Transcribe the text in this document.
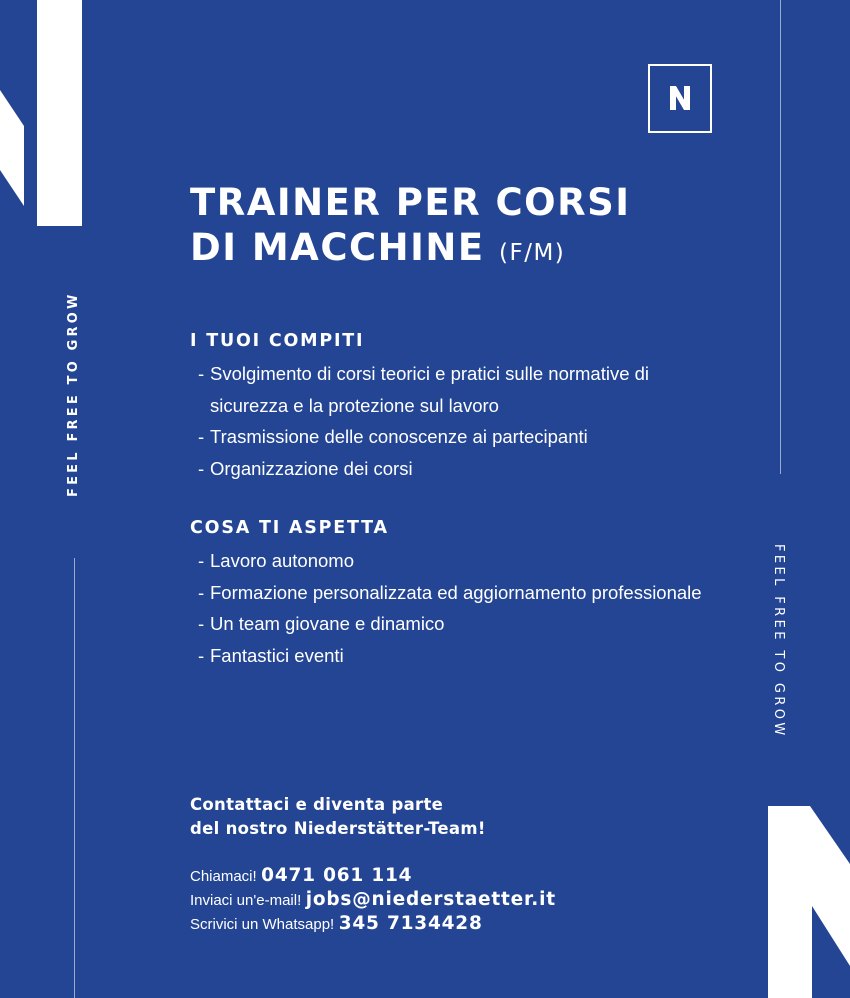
FEEL FREE TO GROW
FEEL FREE TO GROW
TRAINER PER CORSI
DI MACCHINE (F/M)
I TUOI COMPITI
- Svolgimento di corsi teorici e pratici sulle normative di sicurezza e la protezione sul lavoro
- Trasmissione delle conoscenze ai partecipanti
- Organizzazione dei corsi
COSA TI ASPETTA
- Lavoro autonomo
- Formazione personalizzata ed aggiornamento professionale
- Un team giovane e dinamico
- Fantastici eventi
Contattaci e diventa parte
del nostro Niederstätter-Team!
Chiamaci! 0471 061 114
Inviaci un'e-mail! jobs@niederstaetter.it
Scrivici un Whatsapp! 345 7134428
